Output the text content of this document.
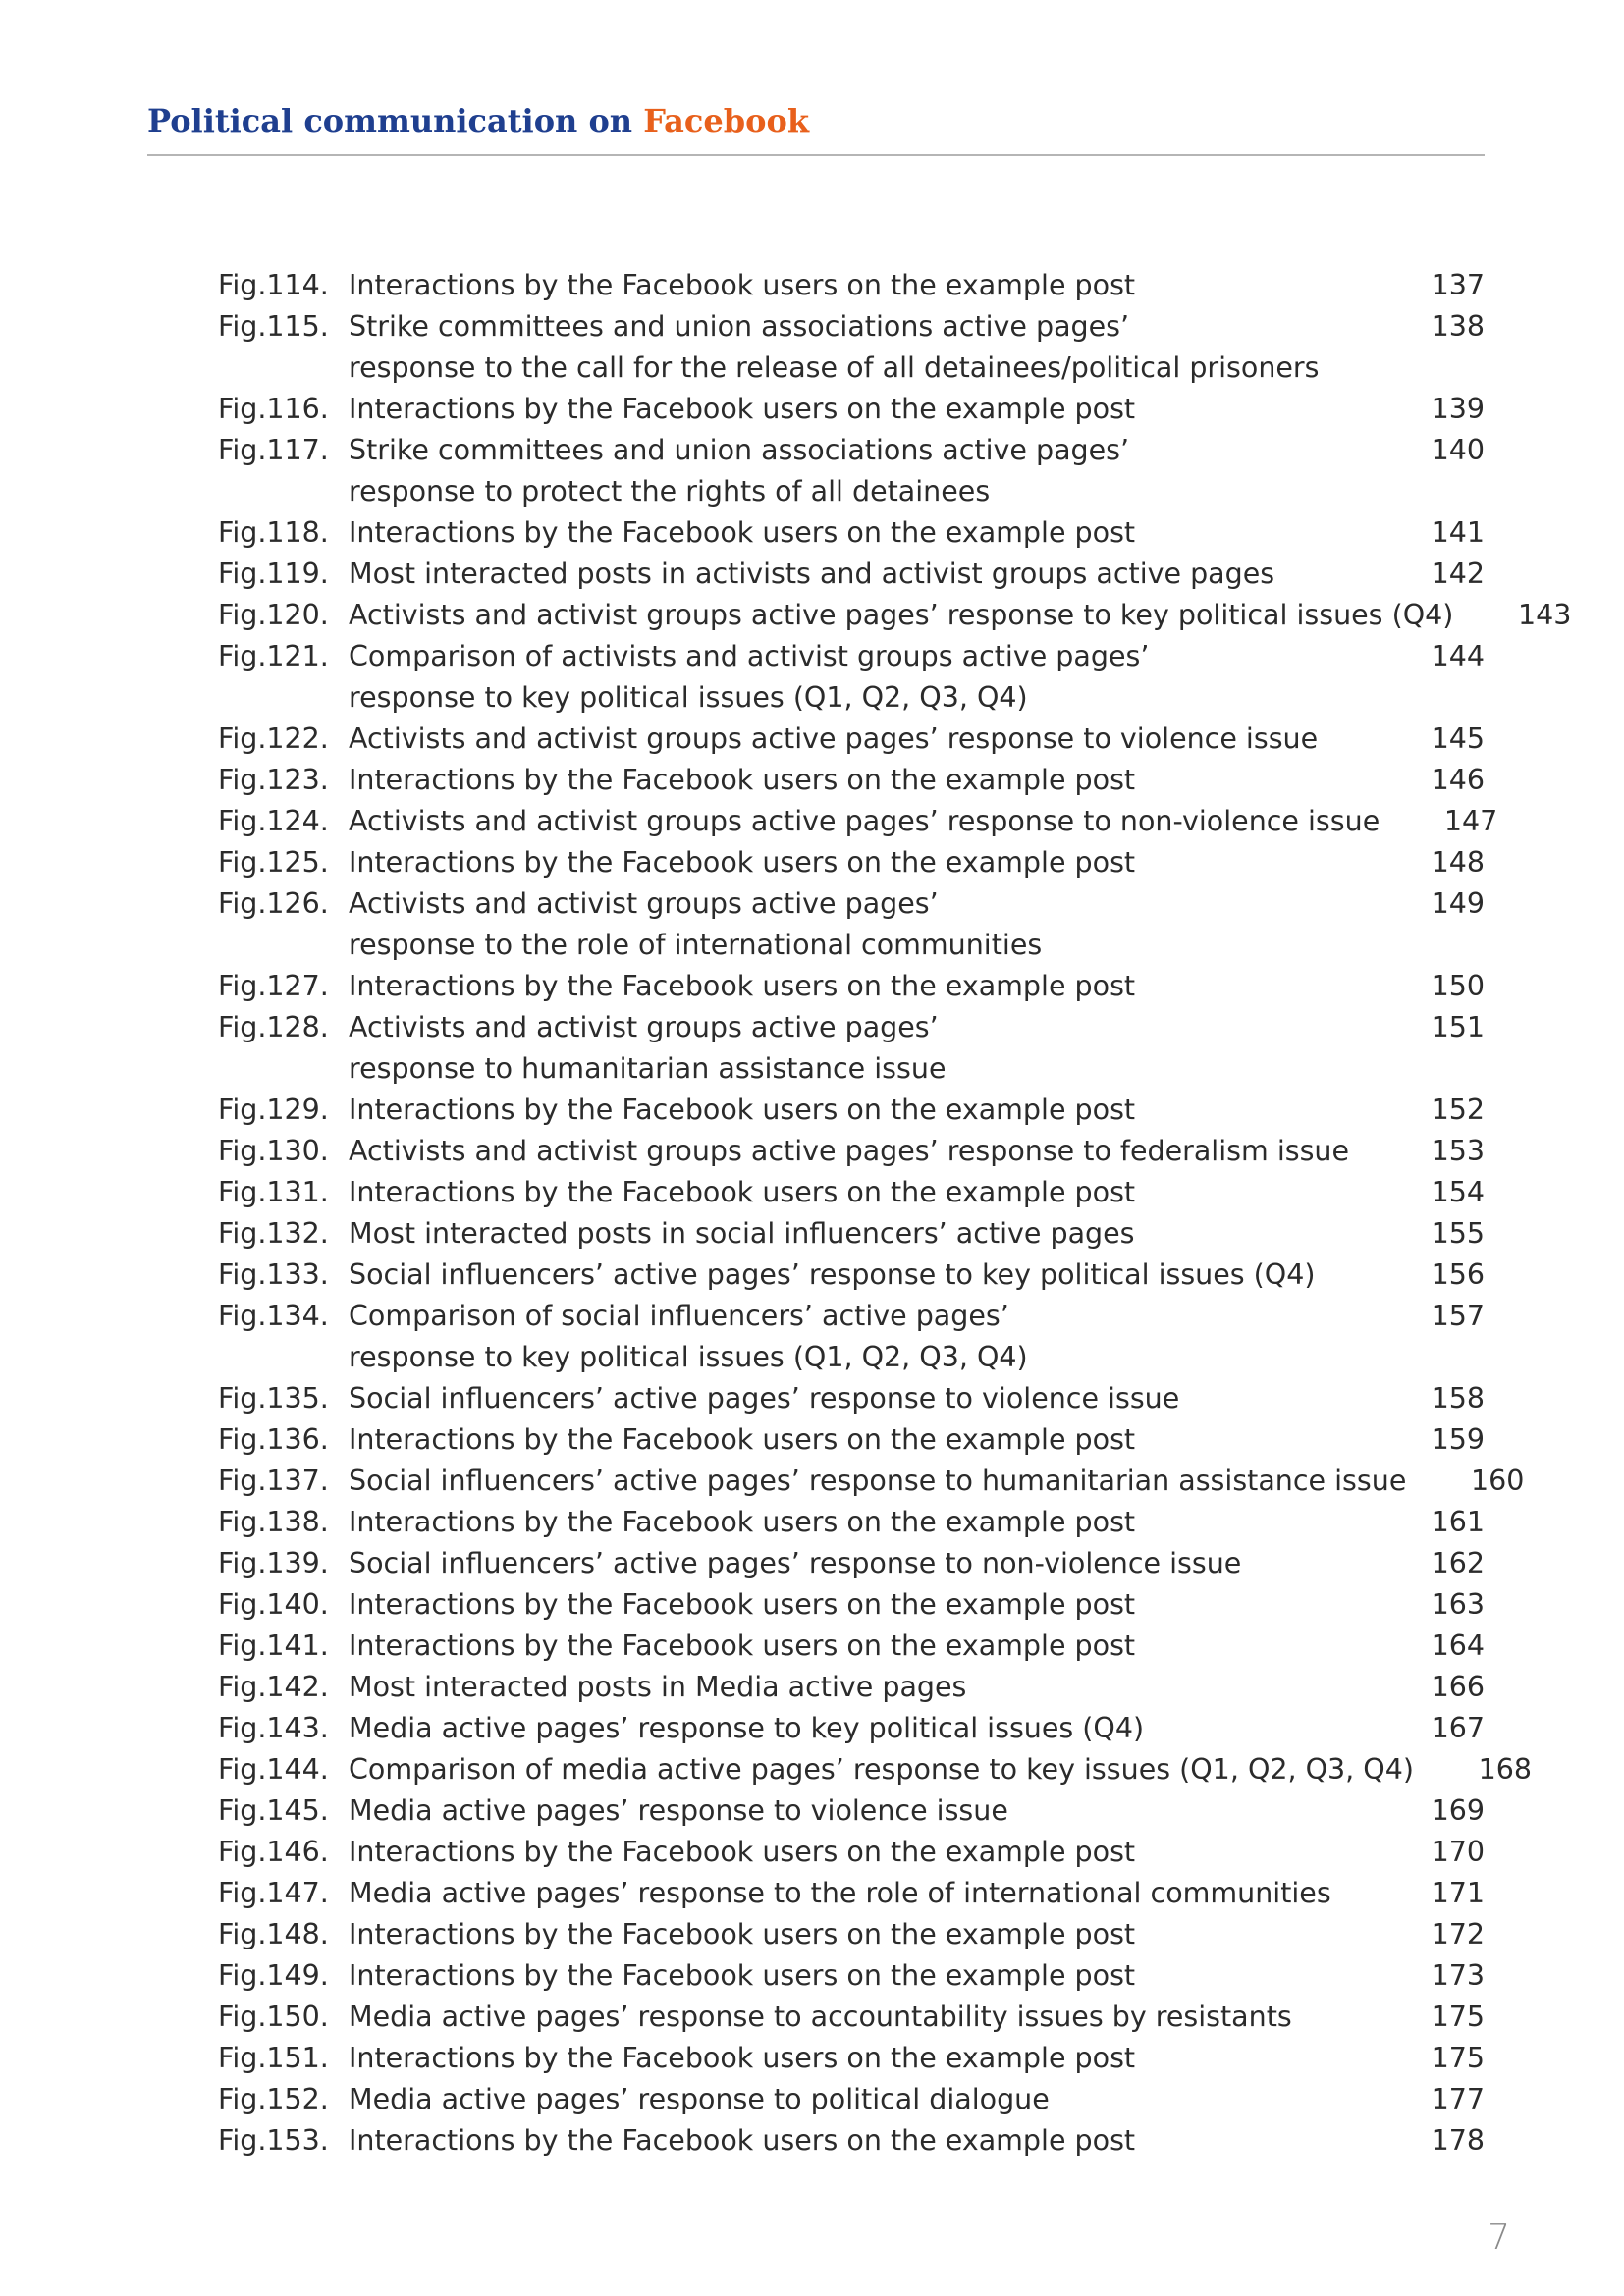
Political communication on Facebook
Fig.114. Interactions by the Facebook users on the example post	137
Fig.115. Strike committees and union associations active pages’
response to the call for the release of all detainees/political prisoners
138
Fig.116. Interactions by the Facebook users on the example post	139
Fig.117. Strike committees and union associations active pages’
response to protect the rights of all detainees
140
Fig.118. Interactions by the Facebook users on the example post	141
Fig.119. Most interacted posts in activists and activist groups active pages	142
Fig.120. Activists and activist groups active pages’ response to key political issues (Q4)	143
Fig.121. Comparison of activists and activist groups active pages’
response to key political issues (Q1, Q2, Q3, Q4)
144
Fig.122. Activists and activist groups active pages’ response to violence issue	145
Fig.123. Interactions by the Facebook users on the example post	146
Fig.124. Activists and activist groups active pages’ response to non-violence issue	147
Fig.125. Interactions by the Facebook users on the example post	148
Fig.126. Activists and activist groups active pages’
response to the role of international communities
149
Fig.127. Interactions by the Facebook users on the example post	150
Fig.128. Activists and activist groups active pages’
response to humanitarian assistance issue
151
Fig.129. Interactions by the Facebook users on the example post	152
Fig.130. Activists and activist groups active pages’ response to federalism issue	153
Fig.131. Interactions by the Facebook users on the example post	154
Fig.132. Most interacted posts in social influencers’ active pages	155
Fig.133. Social influencers’ active pages’ response to key political issues (Q4)	156
Fig.134. Comparison of social influencers’ active pages’
response to key political issues (Q1, Q2, Q3, Q4)
157
Fig.135. Social influencers’ active pages’ response to violence issue	158
Fig.136. Interactions by the Facebook users on the example post	159
Fig.137. Social influencers’ active pages’ response to humanitarian assistance issue	160
Fig.138. Interactions by the Facebook users on the example post	161
Fig.139. Social influencers’ active pages’ response to non-violence issue	162
Fig.140. Interactions by the Facebook users on the example post	163
Fig.141. Interactions by the Facebook users on the example post	164
Fig.142. Most interacted posts in Media active pages	166
Fig.143. Media active pages’ response to key political issues (Q4)	167
Fig.144. Comparison of media active pages’ response to key issues (Q1, Q2, Q3, Q4)	168
Fig.145. Media active pages’ response to violence issue	169
Fig.146. Interactions by the Facebook users on the example post	170
Fig.147. Media active pages’ response to the role of international communities	171
Fig.148. Interactions by the Facebook users on the example post	172
Fig.149. Interactions by the Facebook users on the example post	173
Fig.150. Media active pages’ response to accountability issues by resistants	175
Fig.151. Interactions by the Facebook users on the example post	175
Fig.152. Media active pages’ response to political dialogue	177
Fig.153. Interactions by the Facebook users on the example post	178
7
